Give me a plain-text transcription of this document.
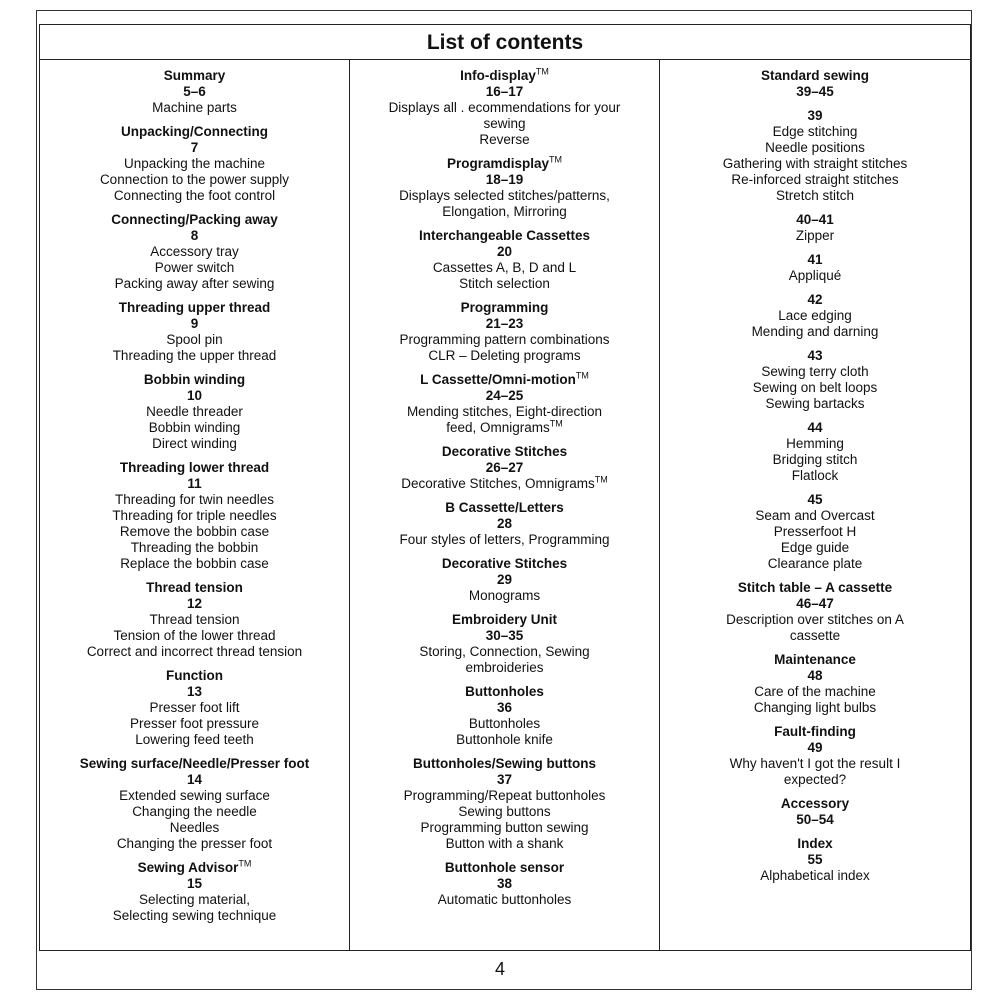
List of contents
Summary
5–6
Machine parts
Unpacking/Connecting
7
Unpacking the machine
Connection to the power supply
Connecting the foot control
Connecting/Packing away
8
Accessory tray
Power switch
Packing away after sewing
Threading upper thread
9
Spool pin
Threading the upper thread
Bobbin winding
10
Needle threader
Bobbin winding
Direct winding
Threading lower thread
11
Threading for twin needles
Threading for triple needles
Remove the bobbin case
Threading the bobbin
Replace the bobbin case
Thread tension
12
Thread tension
Tension of the lower thread
Correct and incorrect thread tension
Function
13
Presser foot lift
Presser foot pressure
Lowering feed teeth
Sewing surface/Needle/Presser foot
14
Extended sewing surface
Changing the needle
Needles
Changing the presser foot
Sewing Advisor™
15
Selecting material,
Selecting sewing technique
Info-display™
16–17
Displays all . ecommendations for your
sewing
Reverse
Programdisplay™
18–19
Displays selected stitches/patterns,
Elongation, Mirroring
Interchangeable Cassettes
20
Cassettes A, B, D and L
Stitch selection
Programming
21–23
Programming pattern combinations
CLR – Deleting programs
L Cassette/Omni-motion™
24–25
Mending stitches, Eight-direction
feed, Omnigrams™
Decorative Stitches
26–27
Decorative Stitches, Omnigrams™
B Cassette/Letters
28
Four styles of letters, Programming
Decorative Stitches
29
Monograms
Embroidery Unit
30–35
Storing, Connection, Sewing
embroideries
Buttonholes
36
Buttonholes
Buttonhole knife
Buttonholes/Sewing buttons
37
Programming/Repeat buttonholes
Sewing buttons
Programming button sewing
Button with a shank
Buttonhole sensor
38
Automatic buttonholes
Standard sewing
39–45
39
Edge stitching
Needle positions
Gathering with straight stitches
Re-inforced straight stitches
Stretch stitch
40–41
Zipper
41
Appliqué
42
Lace edging
Mending and darning
43
Sewing terry cloth
Sewing on belt loops
Sewing bartacks
44
Hemming
Bridging stitch
Flatlock
45
Seam and Overcast
Presserfoot H
Edge guide
Clearance plate
Stitch table – A cassette
46–47
Description over stitches on A
cassette
Maintenance
48
Care of the machine
Changing light bulbs
Fault-finding
49
Why haven't I got the result I
expected?
Accessory
50–54
Index
55
Alphabetical index
4
